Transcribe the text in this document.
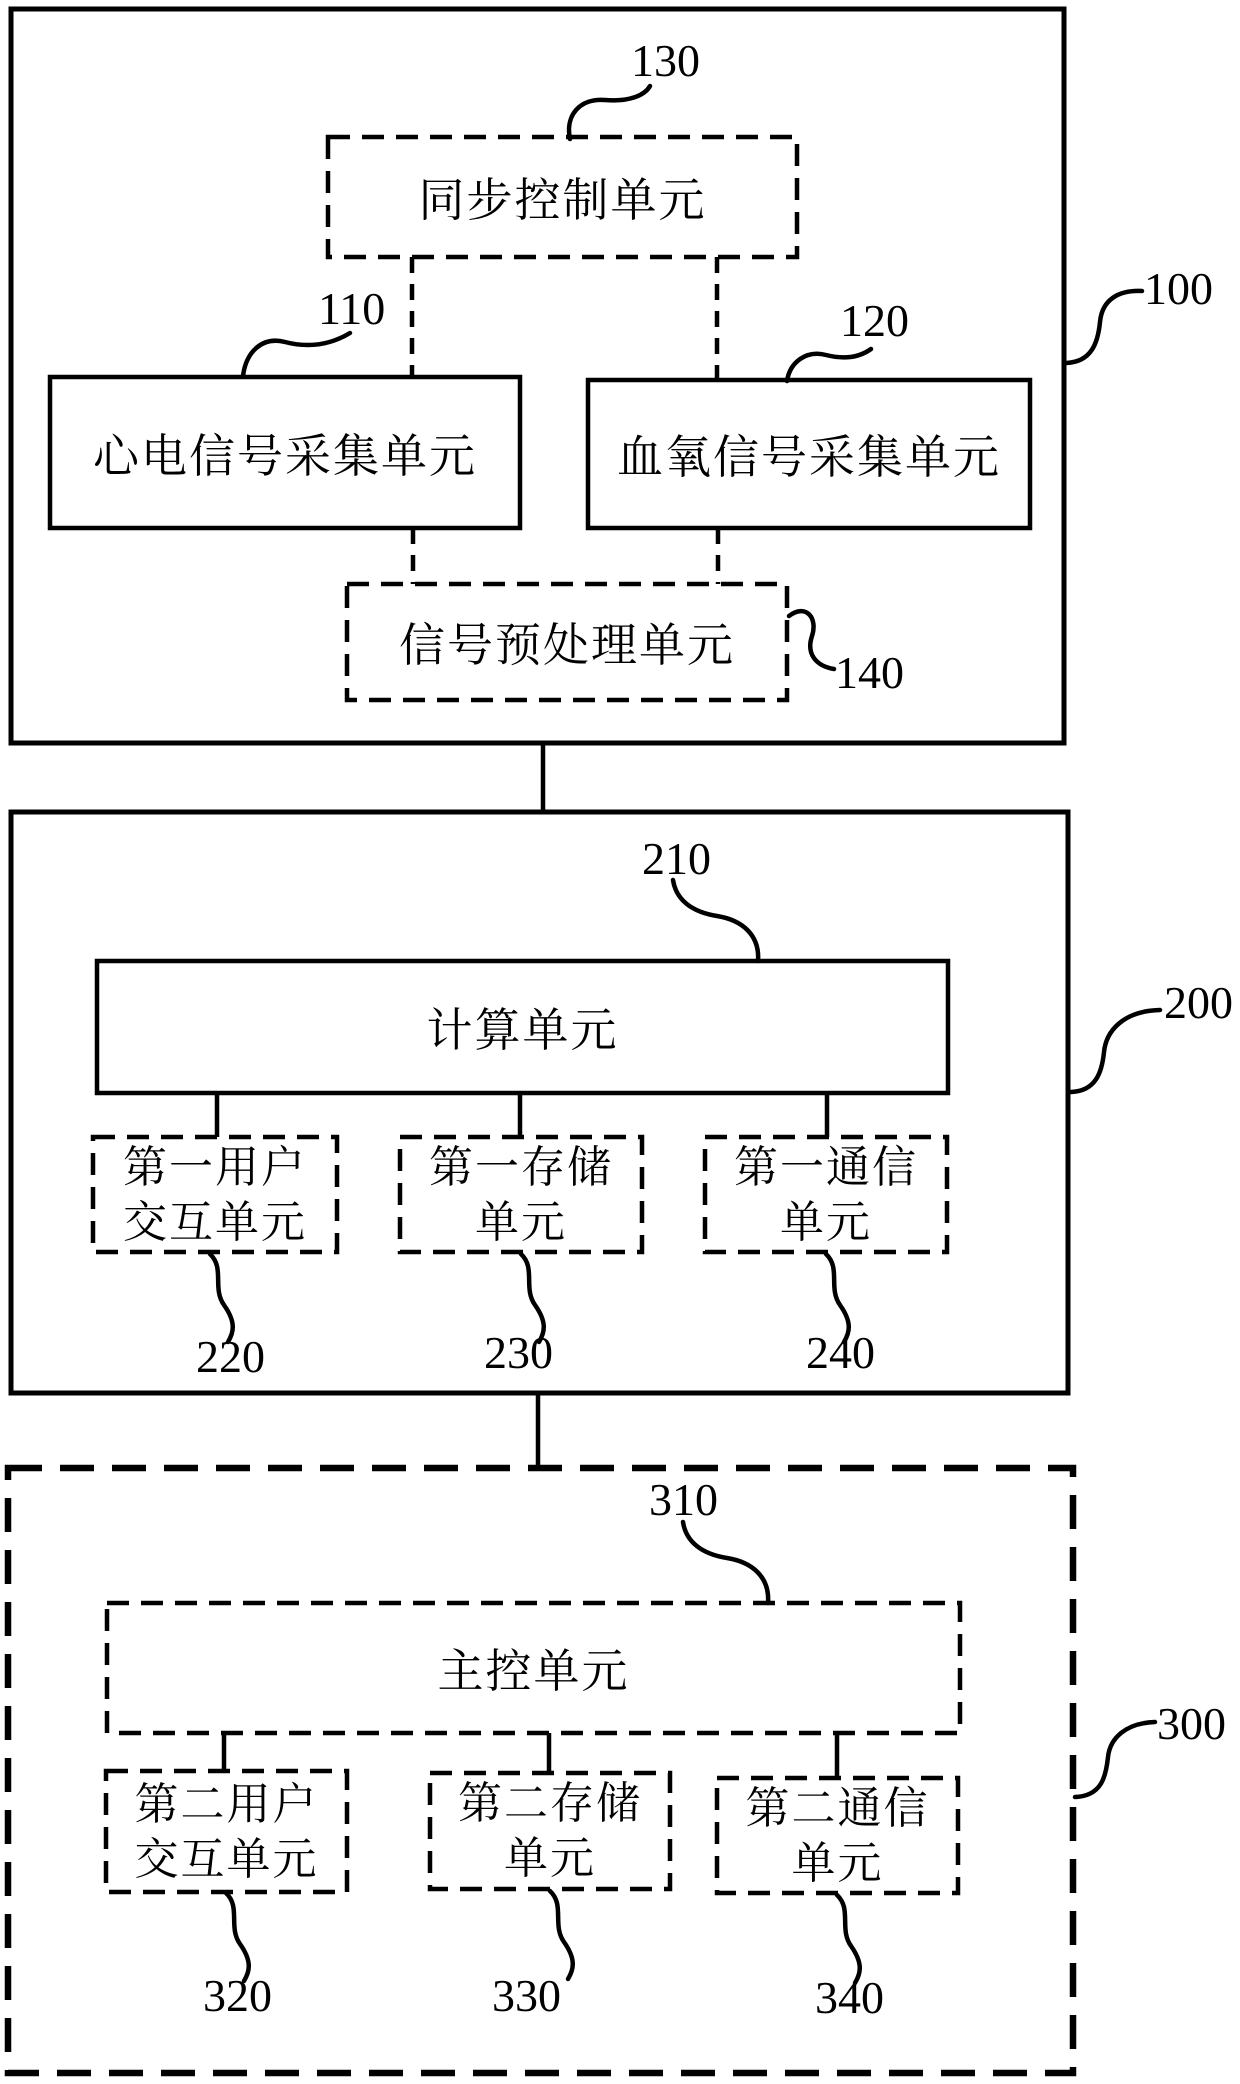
同步控制单元
心电信号采集单元	血氧信号采集单元
信号预处理单元
计算单元
第一用户
交互单元
第一存储
单元
第一通信
单元
主控单元
第二用户
交互单元
第二存储
单元
第二通信
单元
130
110	120
100
140
210
200
220	230	240
310
300
320	330	340
